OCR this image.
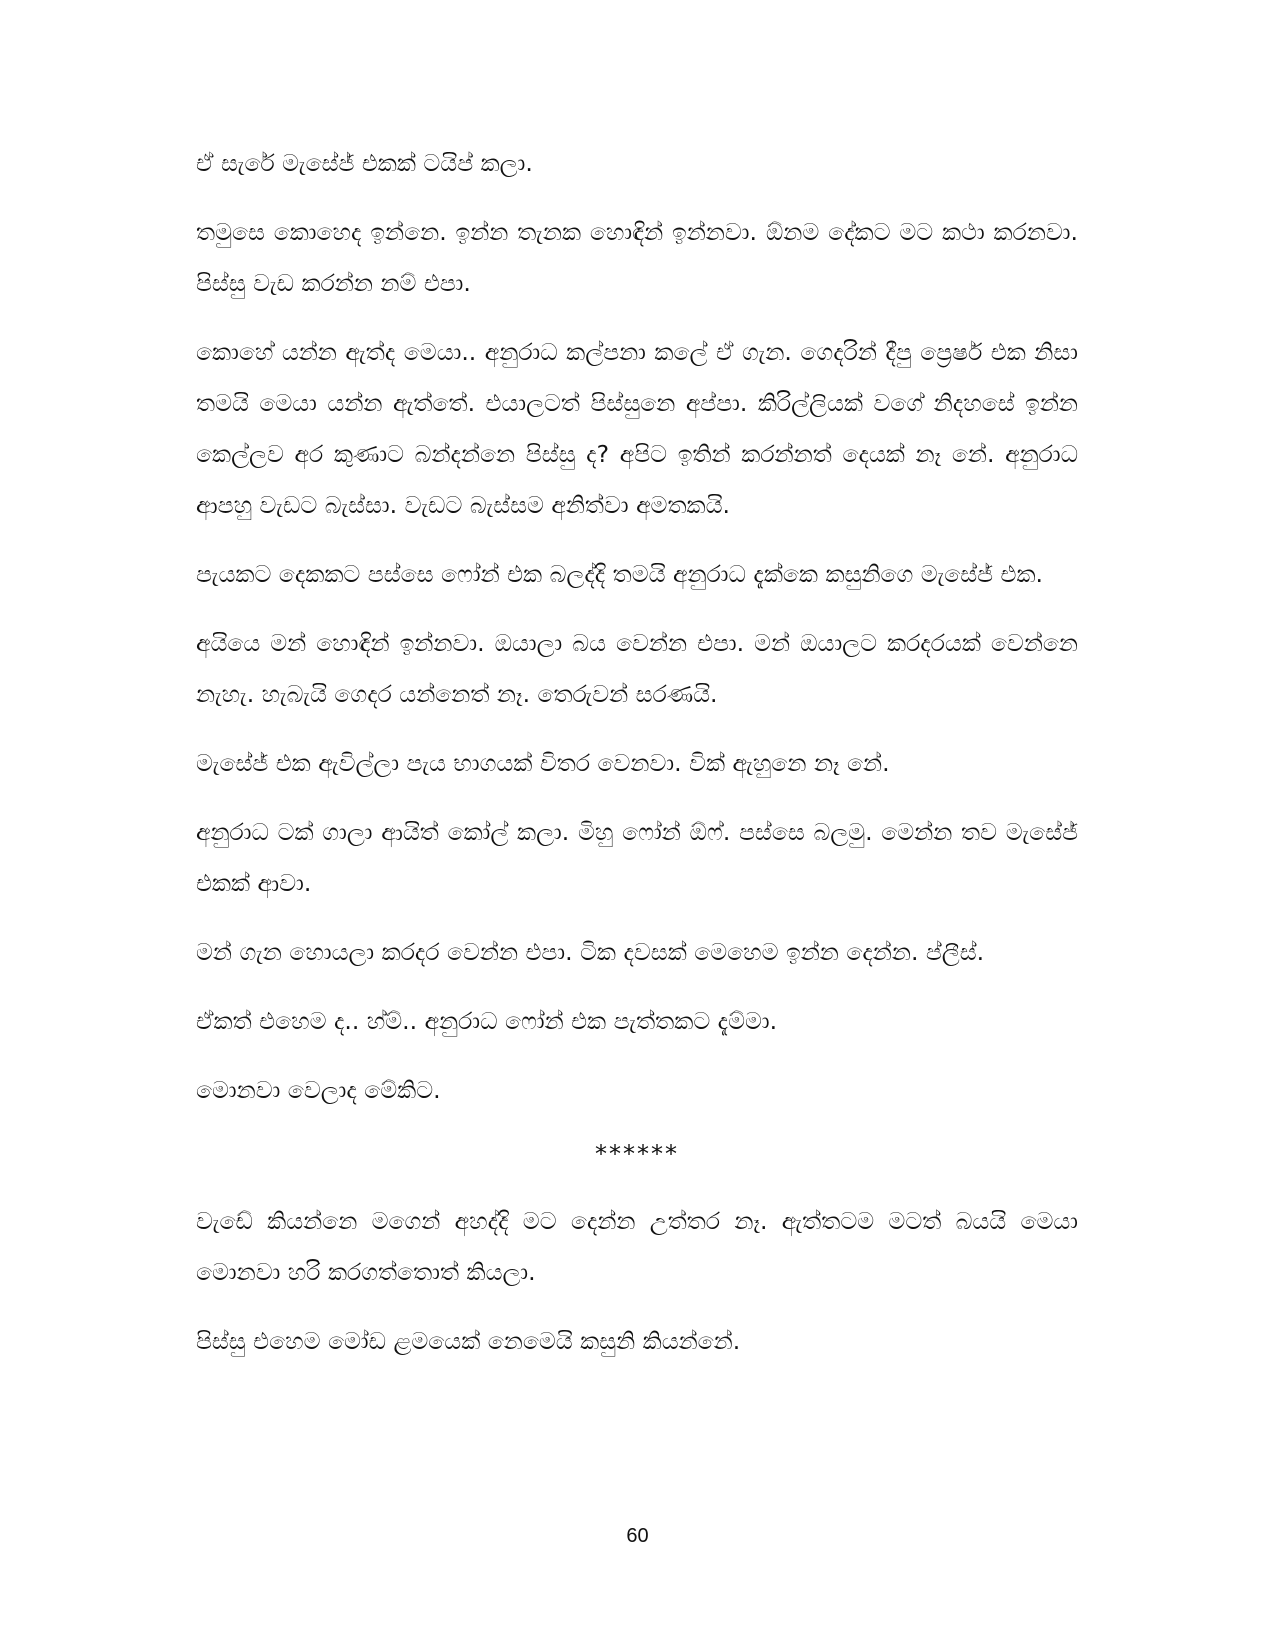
ඒ සැරේ මැසේජ් එකක් ටයිප් කලා.

තමුසෙ කොහෙද ඉන්නෙ. ඉන්න තැනක හොඳින් ඉන්නවා. ඕනම දේකට මට කථා කරනවා. පිස්සු වැඩ කරන්න නම් එපා.

කොහේ යන්න ඇත්ද මෙයා.. අනුරාධ කල්පනා කලේ ඒ ගැන. ගෙදරින් දීපු ප්‍රෙෂර් එක නිසා තමයි මෙයා යන්න ඇත්තේ. එයාලටත් පිස්සුනෙ අප්පා. කිරිල්ලියක් වගේ නිදහසේ ඉන්න කෙල්ලව අර කුණාට බන්දන්නෙ පිස්සු ද? අපිට ඉතින් කරන්නත් දෙයක් නෑ නේ. අනුරාධ ආපහු වැඩට බැස්සා. වැඩට බැස්සම අනිත්වා අමතකයි.

පැයකට දෙකකට පස්සෙ ෆෝන් එක බලද්දි තමයි අනුරාධ දැක්කෙ කසුනිගෙ මැසේජ් එක.

අයියෙ මන් හොඳින් ඉන්නවා. ඔයාලා බය වෙන්න එපා. මන් ඔයාලට කරදරයක් වෙන්නෙ නැහැ. හැබැයි ගෙදර යන්නෙත් නෑ. තෙරුවන් සරණයි.

මැසේජ් එක ඇවිල්ලා පැය භාගයක් විතර වෙනවා. වික් ඇහුනෙ නෑ නේ.

අනුරාධ ටක් ගාලා ආයිත් කෝල් කලා. මිහු ෆෝන් ඕෆ්. පස්සෙ බලමු. මෙන්න තව මැසේජ් එකක් ආවා.

මන් ගැන හොයලා කරදර වෙන්න එපා. ටික දවසක් මෙහෙම ඉන්න දෙන්න. ප්ලීස්.

ඒකත් එහෙම ද.. හ්ම්.. අනුරාධ ෆෝන් එක පැත්තකට දැම්මා.

මොනවා වෙලාද මේකිට.

******

වැඩේ කියන්නෙ මගෙන් අහද්දි මට දෙන්න උත්තර නෑ. ඇත්තටම මටත් බයයි මෙයා මොනවා හරි කරගත්තොත් කියලා.

පිස්සු එහෙම මෝඩ ළමයෙක් නෙමෙයි කසුනි කියන්නේ.

60
